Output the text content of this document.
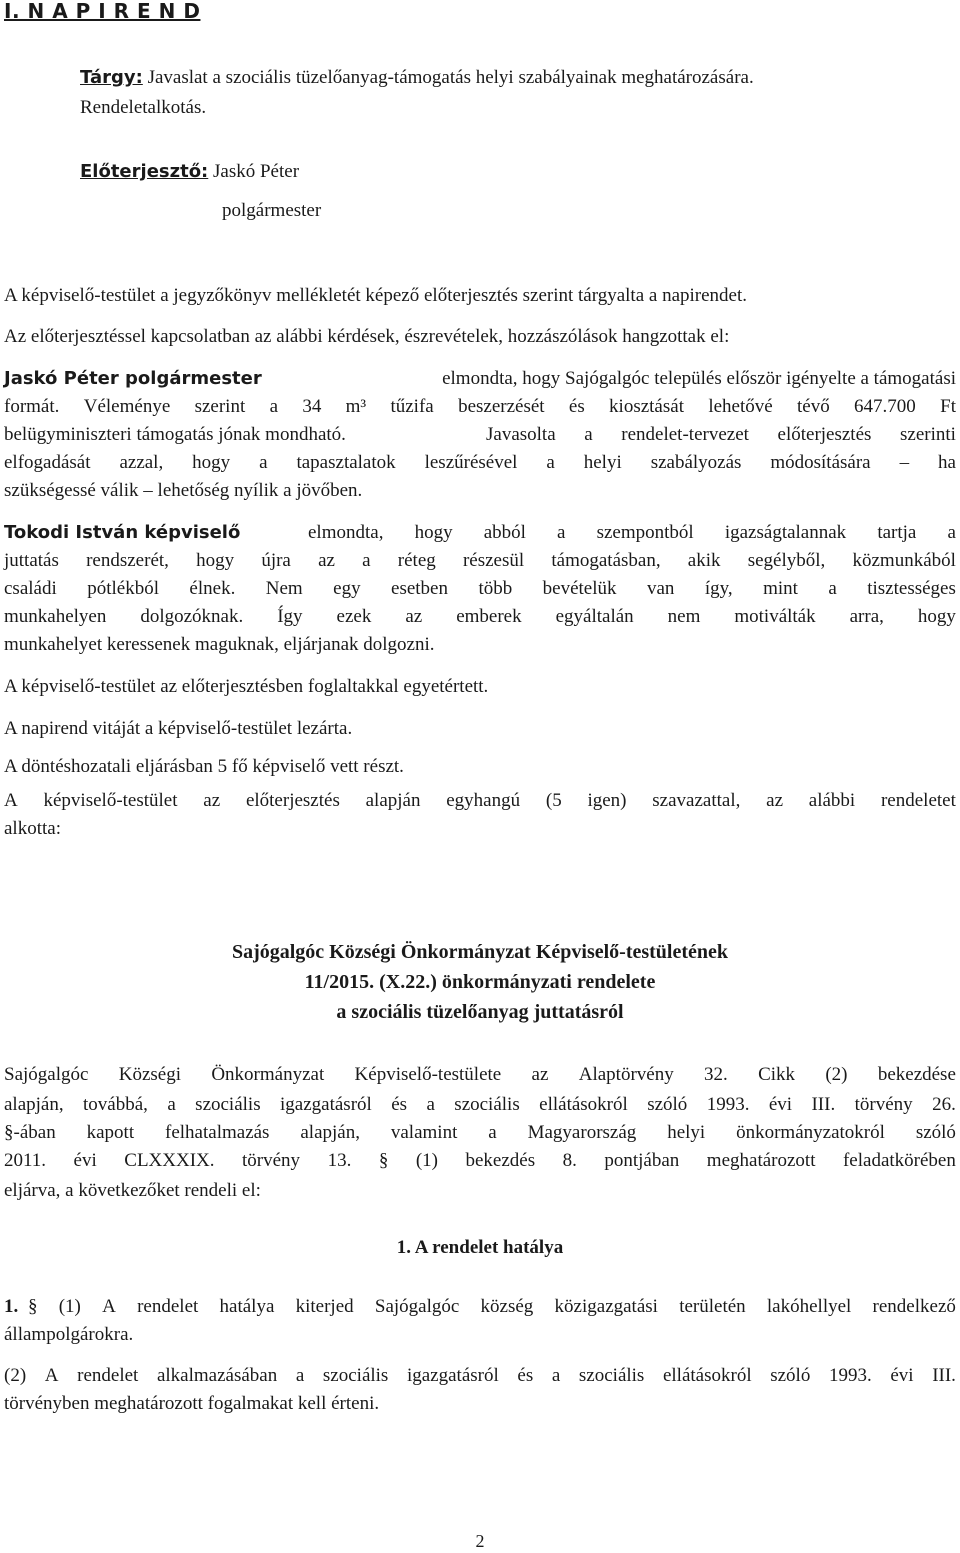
I. N A P I R E N D
Tárgy: Javaslat a szociális tüzelőanyag-támogatás helyi szabályainak meghatározására.
Rendeletalkotás.
Előterjesztő: Jaskó Péter
polgármester
A képviselő-testület a jegyzőkönyv mellékletét képező előterjesztés szerint tárgyalta a napirendet.
Az előterjesztéssel kapcsolatban az alábbi kérdések, észrevételek, hozzászólások hangzottak el:
Jaskó Péter polgármester	elmondta, hogy Sajógalgóc település először igényelte a támogatási
formát. Véleménye szerint a 34 m³ tűzifa beszerzését és kiosztását lehetővé tévő 647.700 Ft
belügyminiszteri támogatás jónak mondható.	Javasolta a rendelet-tervezet előterjesztés szerinti
elfogadását azzal, hogy a tapasztalatok leszűrésével a helyi szabályozás módosítására – ha
szükségessé válik – lehetőség nyílik a jövőben.
Tokodi István képviselő	elmondta, hogy abból a szempontból igazságtalannak tartja a
juttatás rendszerét, hogy újra az a réteg részesül támogatásban, akik segélyből, közmunkából
családi pótlékból élnek. Nem egy esetben több bevételük van így, mint a tisztességes
munkahelyen dolgozóknak. Így ezek az emberek egyáltalán nem motiválták arra, hogy
munkahelyet keressenek maguknak, eljárjanak dolgozni.
A képviselő-testület az előterjesztésben foglaltakkal egyetértett.
A napirend vitáját a képviselő-testület lezárta.
A döntéshozatali eljárásban 5 fő képviselő vett részt.
A képviselő-testület az előterjesztés alapján egyhangú (5 igen) szavazattal, az alábbi rendeletet
alkotta:
Sajógalgóc Községi Önkormányzat Képviselő-testületének
11/2015. (X.22.) önkormányzati rendelete
a szociális tüzelőanyag juttatásról
Sajógalgóc Községi Önkormányzat Képviselő-testülete az Alaptörvény 32. Cikk (2) bekezdése
alapján, továbbá, a szociális igazgatásról és a szociális ellátásokról szóló 1993. évi III. törvény 26.
§-ában kapott felhatalmazás alapján, valamint a Magyarország helyi önkormányzatokról szóló
2011. évi CLXXXIX. törvény 13. § (1) bekezdés 8. pontjában meghatározott feladatkörében
eljárva, a következőket rendeli el:
1. A rendelet hatálya
1. § (1) A rendelet hatálya kiterjed Sajógalgóc község közigazgatási területén lakóhellyel rendelkező
állampolgárokra.
(2) A rendelet alkalmazásában a szociális igazgatásról és a szociális ellátásokról szóló 1993. évi III.
törvényben meghatározott fogalmakat kell érteni.
2
